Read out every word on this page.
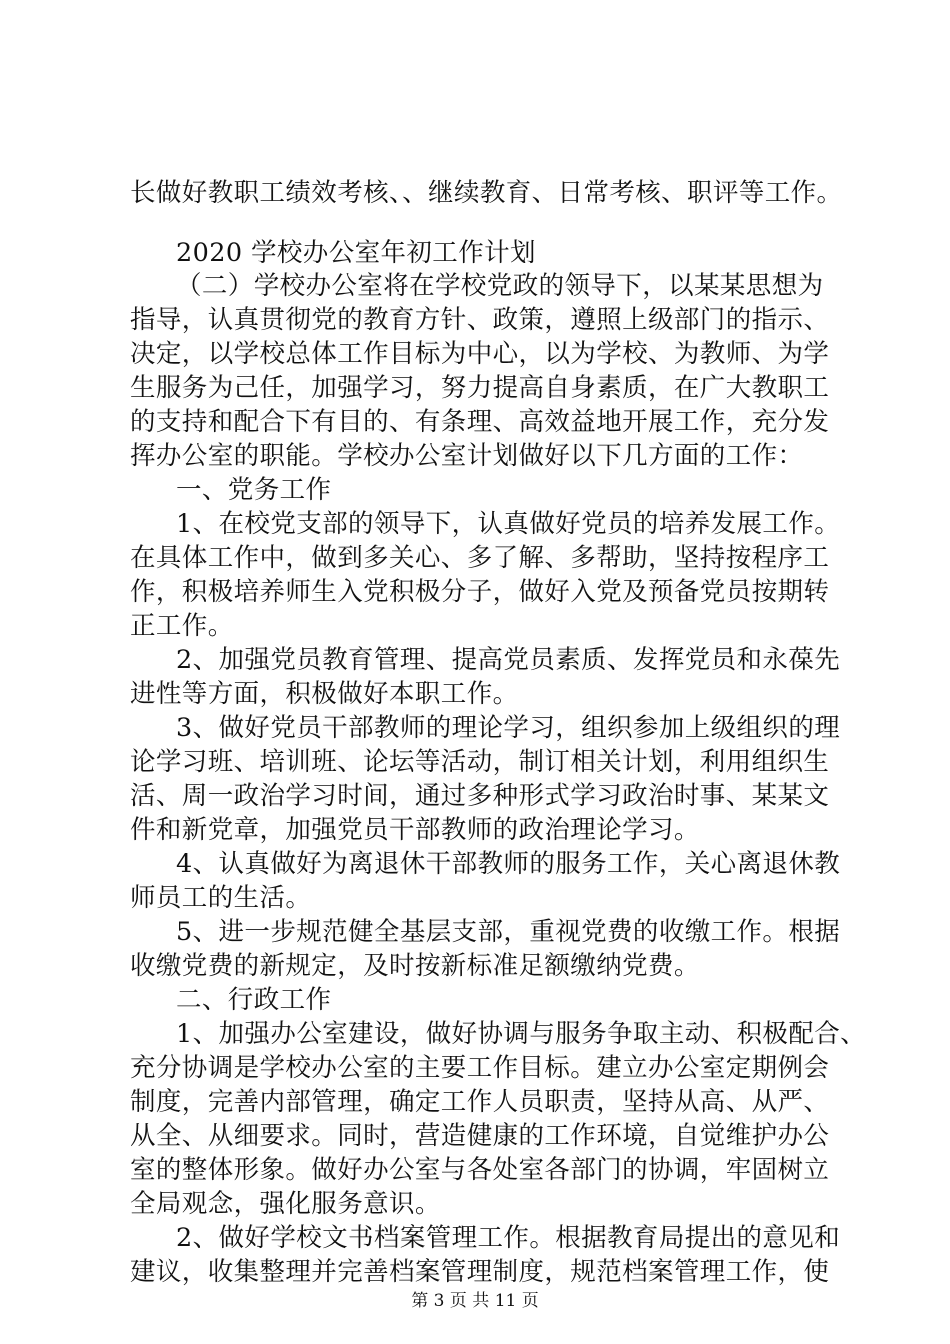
长做好教职工绩效考核、、继续教育、日常考核、职评等工作。
2020 学校办公室年初工作计划
（二）学校办公室将在学校党政的领导下，以某某思想为
指导，认真贯彻党的教育方针、政策，遵照上级部门的指示、
决定，以学校总体工作目标为中心，以为学校、为教师、为学
生服务为己任，加强学习，努力提高自身素质，在广大教职工
的支持和配合下有目的、有条理、高效益地开展工作，充分发
挥办公室的职能。学校办公室计划做好以下几方面的工作：
一、党务工作
1、在校党支部的领导下，认真做好党员的培养发展工作。
在具体工作中，做到多关心、多了解、多帮助，坚持按程序工
作，积极培养师生入党积极分子，做好入党及预备党员按期转
正工作。
2、加强党员教育管理、提高党员素质、发挥党员和永葆先
进性等方面，积极做好本职工作。
3、做好党员干部教师的理论学习，组织参加上级组织的理
论学习班、培训班、论坛等活动，制订相关计划，利用组织生
活、周一政治学习时间，通过多种形式学习政治时事、某某文
件和新党章，加强党员干部教师的政治理论学习。
4、认真做好为离退休干部教师的服务工作，关心离退休教
师员工的生活。
5、进一步规范健全基层支部，重视党费的收缴工作。根据
收缴党费的新规定，及时按新标准足额缴纳党费。
二、行政工作
1、加强办公室建设，做好协调与服务争取主动、积极配合、
充分协调是学校办公室的主要工作目标。建立办公室定期例会
制度，完善内部管理，确定工作人员职责，坚持从高、从严、
从全、从细要求。同时，营造健康的工作环境，自觉维护办公
室的整体形象。做好办公室与各处室各部门的协调，牢固树立
全局观念，强化服务意识。
2、做好学校文书档案管理工作。根据教育局提出的意见和
建议，收集整理并完善档案管理制度，规范档案管理工作，使
第 3 页 共 11 页
